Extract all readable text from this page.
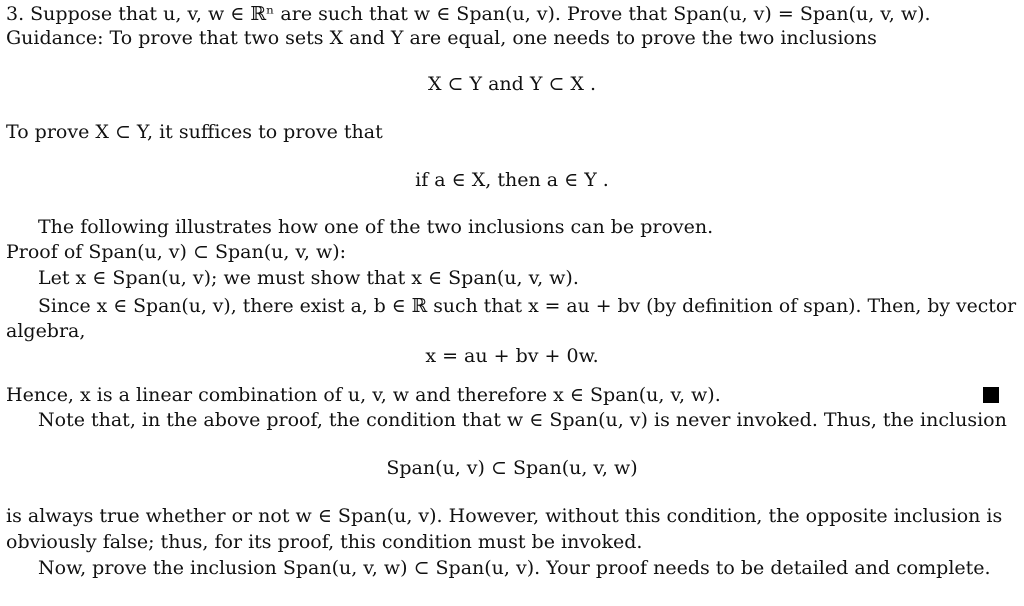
3. Suppose that u, v, w ∈ ℝⁿ are such that w ∈ Span(u, v). Prove that Span(u, v) = Span(u, v, w).
Guidance: To prove that two sets X and Y are equal, one needs to prove the two inclusions
X ⊂ Y and Y ⊂ X .
To prove X ⊂ Y, it suffices to prove that
if a ∈ X, then a ∈ Y .
The following illustrates how one of the two inclusions can be proven.
Proof of Span(u, v) ⊂ Span(u, v, w):
Let x ∈ Span(u, v); we must show that x ∈ Span(u, v, w).
Since x ∈ Span(u, v), there exist a, b ∈ ℝ such that x = au + bv (by definition of span). Then, by vector
algebra,
x = au + bv + 0w.
Hence, x is a linear combination of u, v, w and therefore x ∈ Span(u, v, w).
Note that, in the above proof, the condition that w ∈ Span(u, v) is never invoked. Thus, the inclusion
Span(u, v) ⊂ Span(u, v, w)
is always true whether or not w ∈ Span(u, v). However, without this condition, the opposite inclusion is
obviously false; thus, for its proof, this condition must be invoked.
Now, prove the inclusion Span(u, v, w) ⊂ Span(u, v). Your proof needs to be detailed and complete.
